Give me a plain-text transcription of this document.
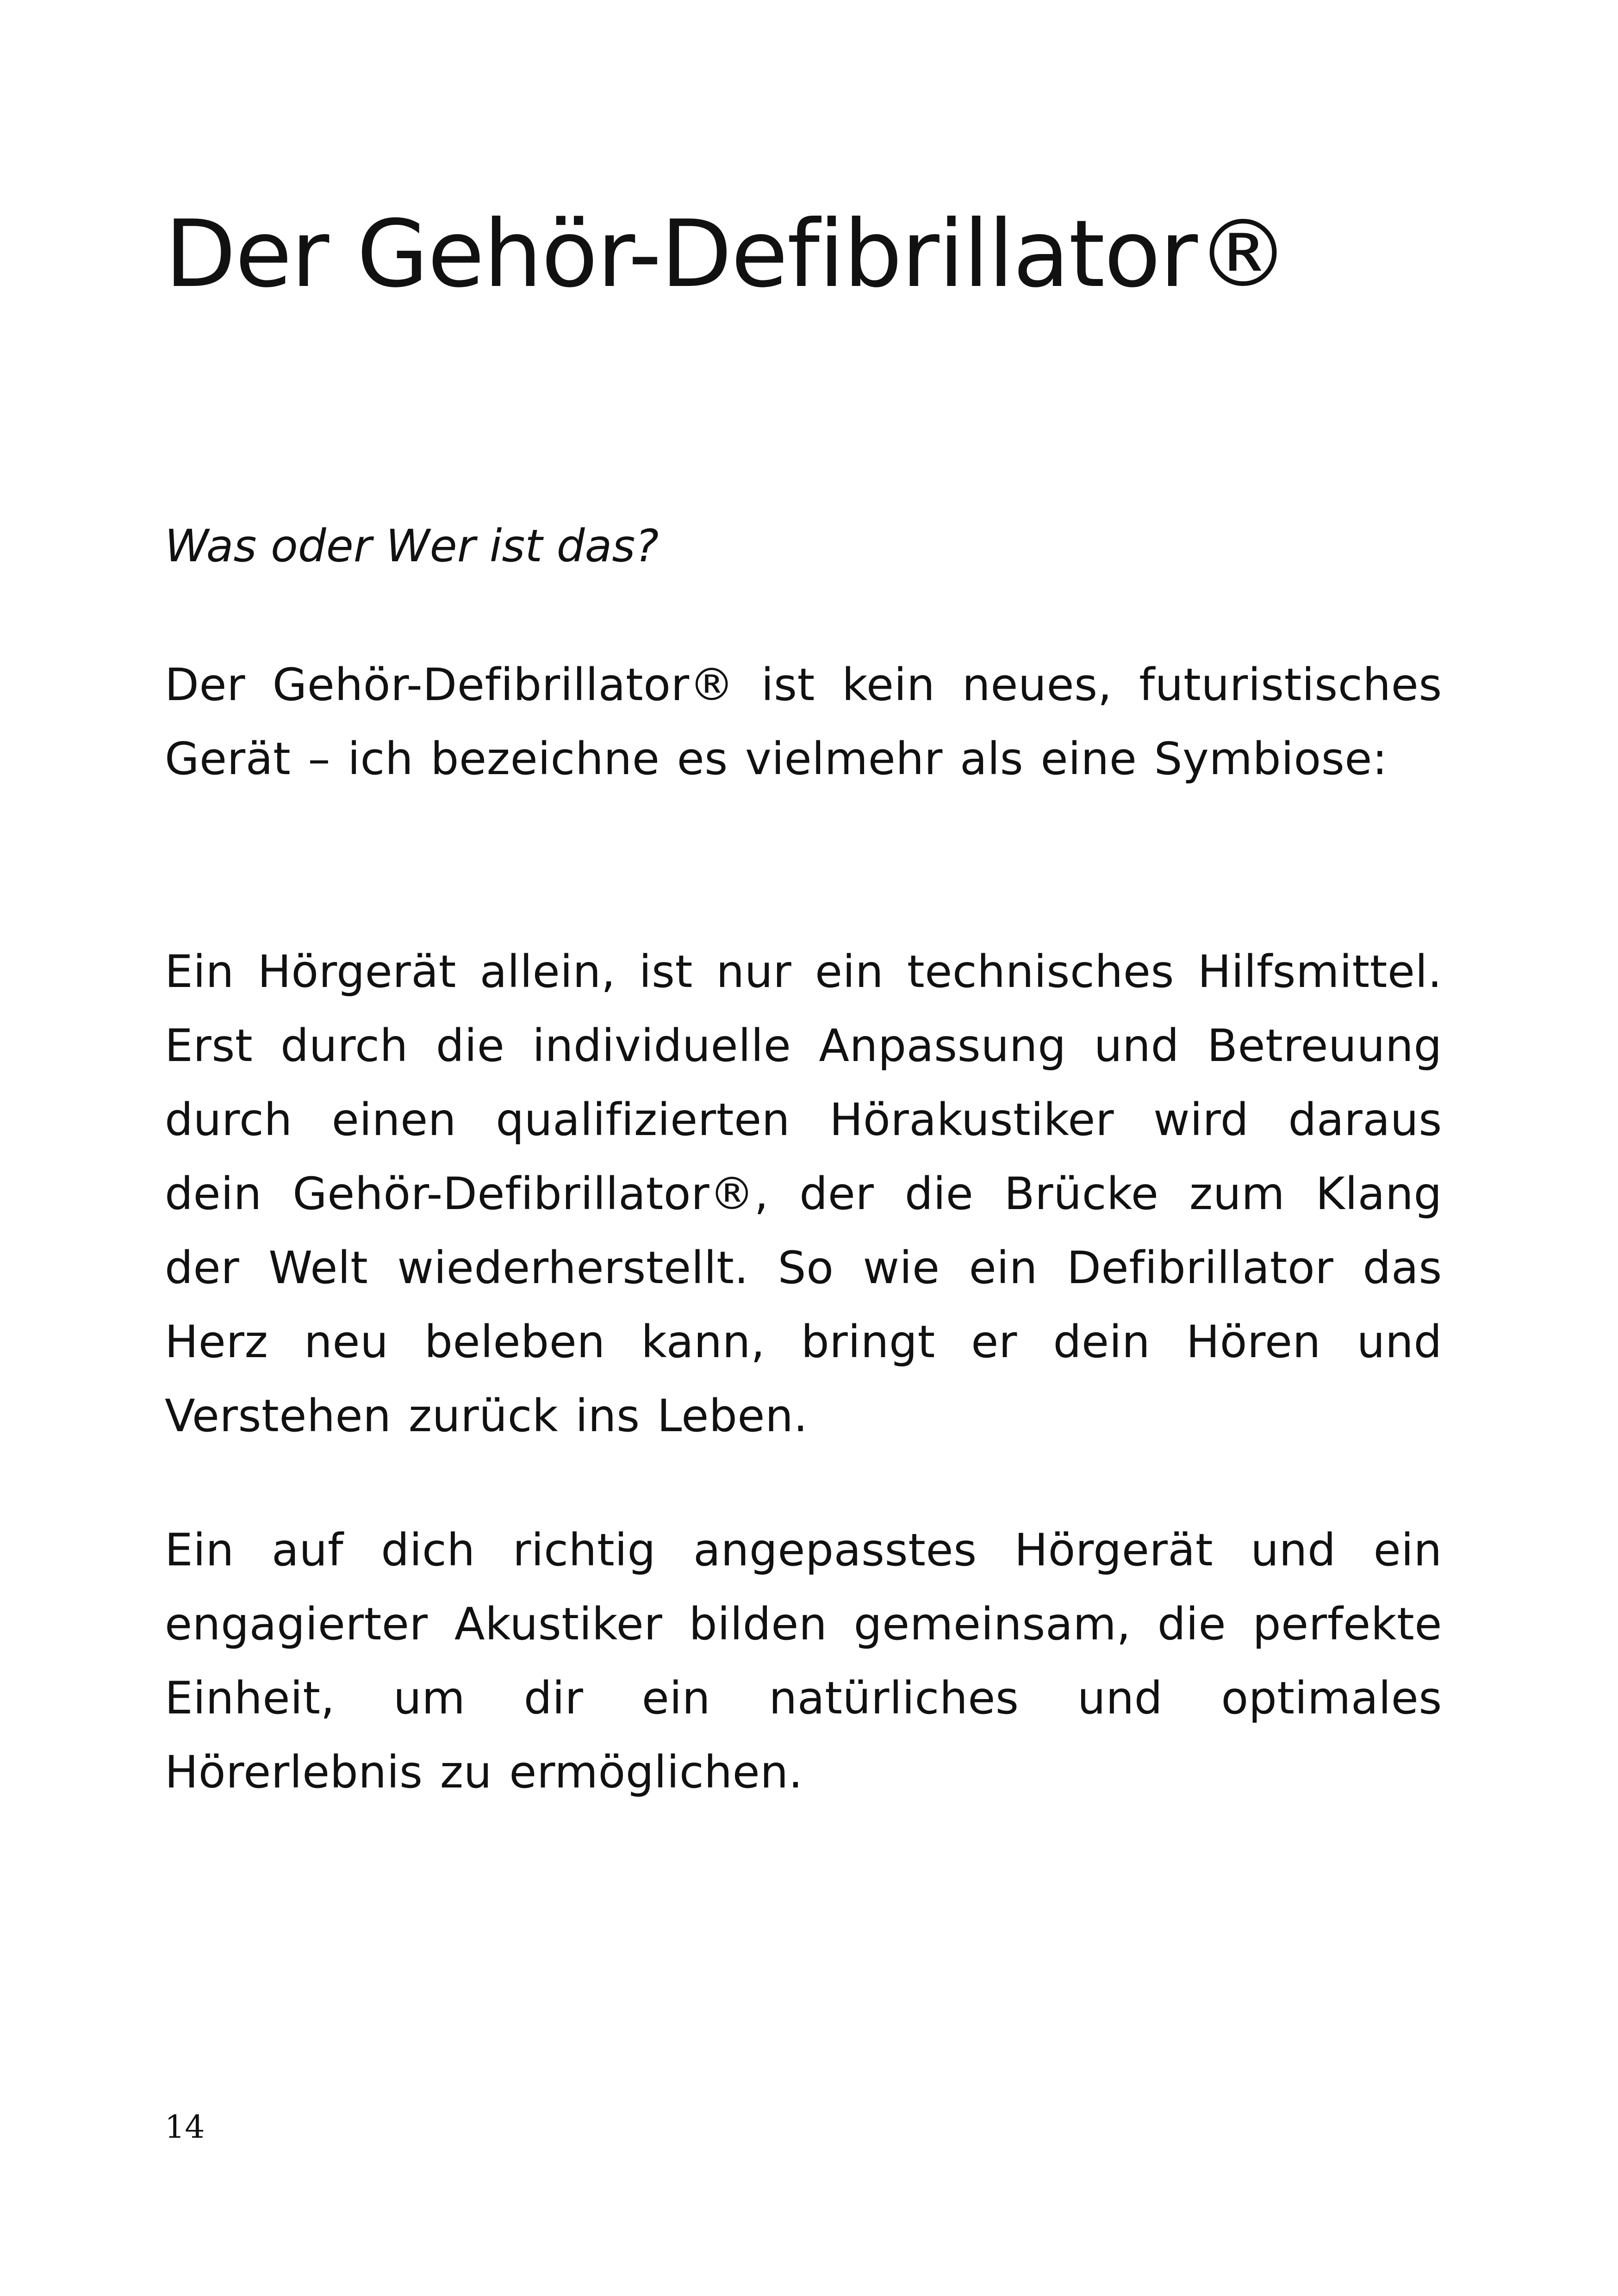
Der Gehör-Defibrillator®

Was oder Wer ist das?

Der Gehör-Defibrillator® ist kein neues, futuristisches Gerät – ich bezeichne es vielmehr als eine Symbiose:

Ein Hörgerät allein, ist nur ein technisches Hilfsmittel. Erst durch die individuelle Anpassung und Betreuung durch einen qualifizierten Hörakustiker wird daraus dein Gehör-Defibrillator®, der die Brücke zum Klang der Welt wiederherstellt. So wie ein Defibrillator das Herz neu beleben kann, bringt er dein Hören und Verstehen zurück ins Leben.

Ein auf dich richtig angepasstes Hörgerät und ein engagierter Akustiker bilden gemeinsam, die perfekte Einheit, um dir ein natürliches und optimales Hörerlebnis zu ermöglichen.

14
